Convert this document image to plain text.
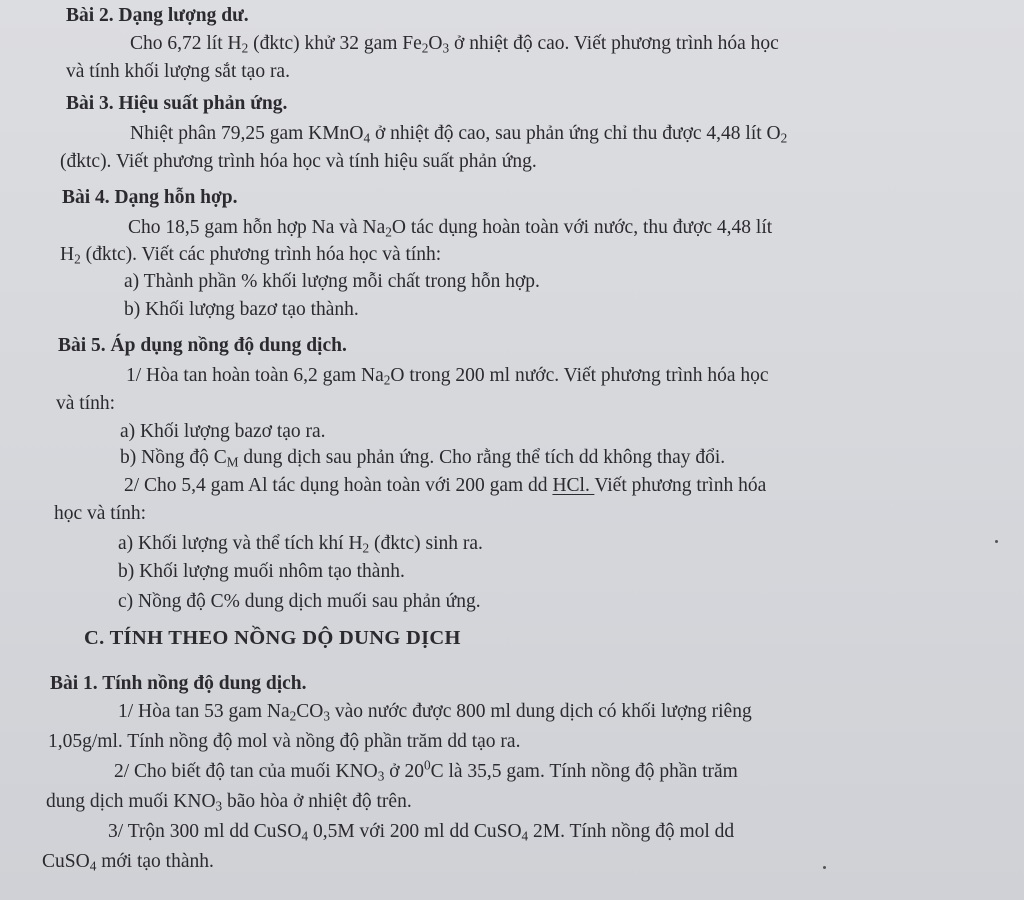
Bài 2. Dạng lượng dư.
Cho 6,72 lít $H_2$ (đktc) khử 32 gam $Fe_2O_3$ ở nhiệt độ cao. Viết phương trình hóa học
và tính khối lượng sắt tạo ra.
Bài 3. Hiệu suất phản ứng.
Nhiệt phân 79,25 gam KMnO$_4$ ở nhiệt độ cao, sau phản ứng chỉ thu được 4,48 lít $O_2$
(đktc). Viết phương trình hóa học và tính hiệu suất phản ứng.
Bài 4. Dạng hỗn hợp.
Cho 18,5 gam hỗn hợp Na và $Na_2O$ tác dụng hoàn toàn với nước, thu được 4,48 lít
$H_2$ (đktc). Viết các phương trình hóa học và tính:
a) Thành phần % khối lượng mỗi chất trong hỗn hợp.
b) Khối lượng bazơ tạo thành.
Bài 5. Áp dụng nồng độ dung dịch.
1/ Hòa tan hoàn toàn 6,2 gam $Na_2O$ trong 200 ml nước. Viết phương trình hóa học
và tính:
a) Khối lượng bazơ tạo ra.
b) Nồng độ $C_M$ dung dịch sau phản ứng. Cho rằng thể tích dd không thay đổi.
2/ Cho 5,4 gam Al tác dụng hoàn toàn với 200 gam dd HCl. Viết phương trình hóa
học và tính:
a) Khối lượng và thể tích khí $H_2$ (đktc) sinh ra.
b) Khối lượng muối nhôm tạo thành.
c) Nồng độ C% dung dịch muối sau phản ứng.
C. TÍNH THEO NỒNG DỘ DUNG DỊCH
Bài 1. Tính nồng độ dung dịch.
1/ Hòa tan 53 gam $Na_2CO_3$ vào nước được 800 ml dung dịch có khối lượng riêng
1,05g/ml. Tính nồng độ mol và nồng độ phần trăm dd tạo ra.
2/ Cho biết độ tan của muối $KNO_3$ ở $20^0C$ là 35,5 gam. Tính nồng độ phần trăm
dung dịch muối $KNO_3$ bão hòa ở nhiệt độ trên.
3/ Trộn 300 ml dd CuSO$_4$ 0,5M với 200 ml dd CuSO$_4$ 2M. Tính nồng độ mol dd
CuSO$_4$ mới tạo thành.
